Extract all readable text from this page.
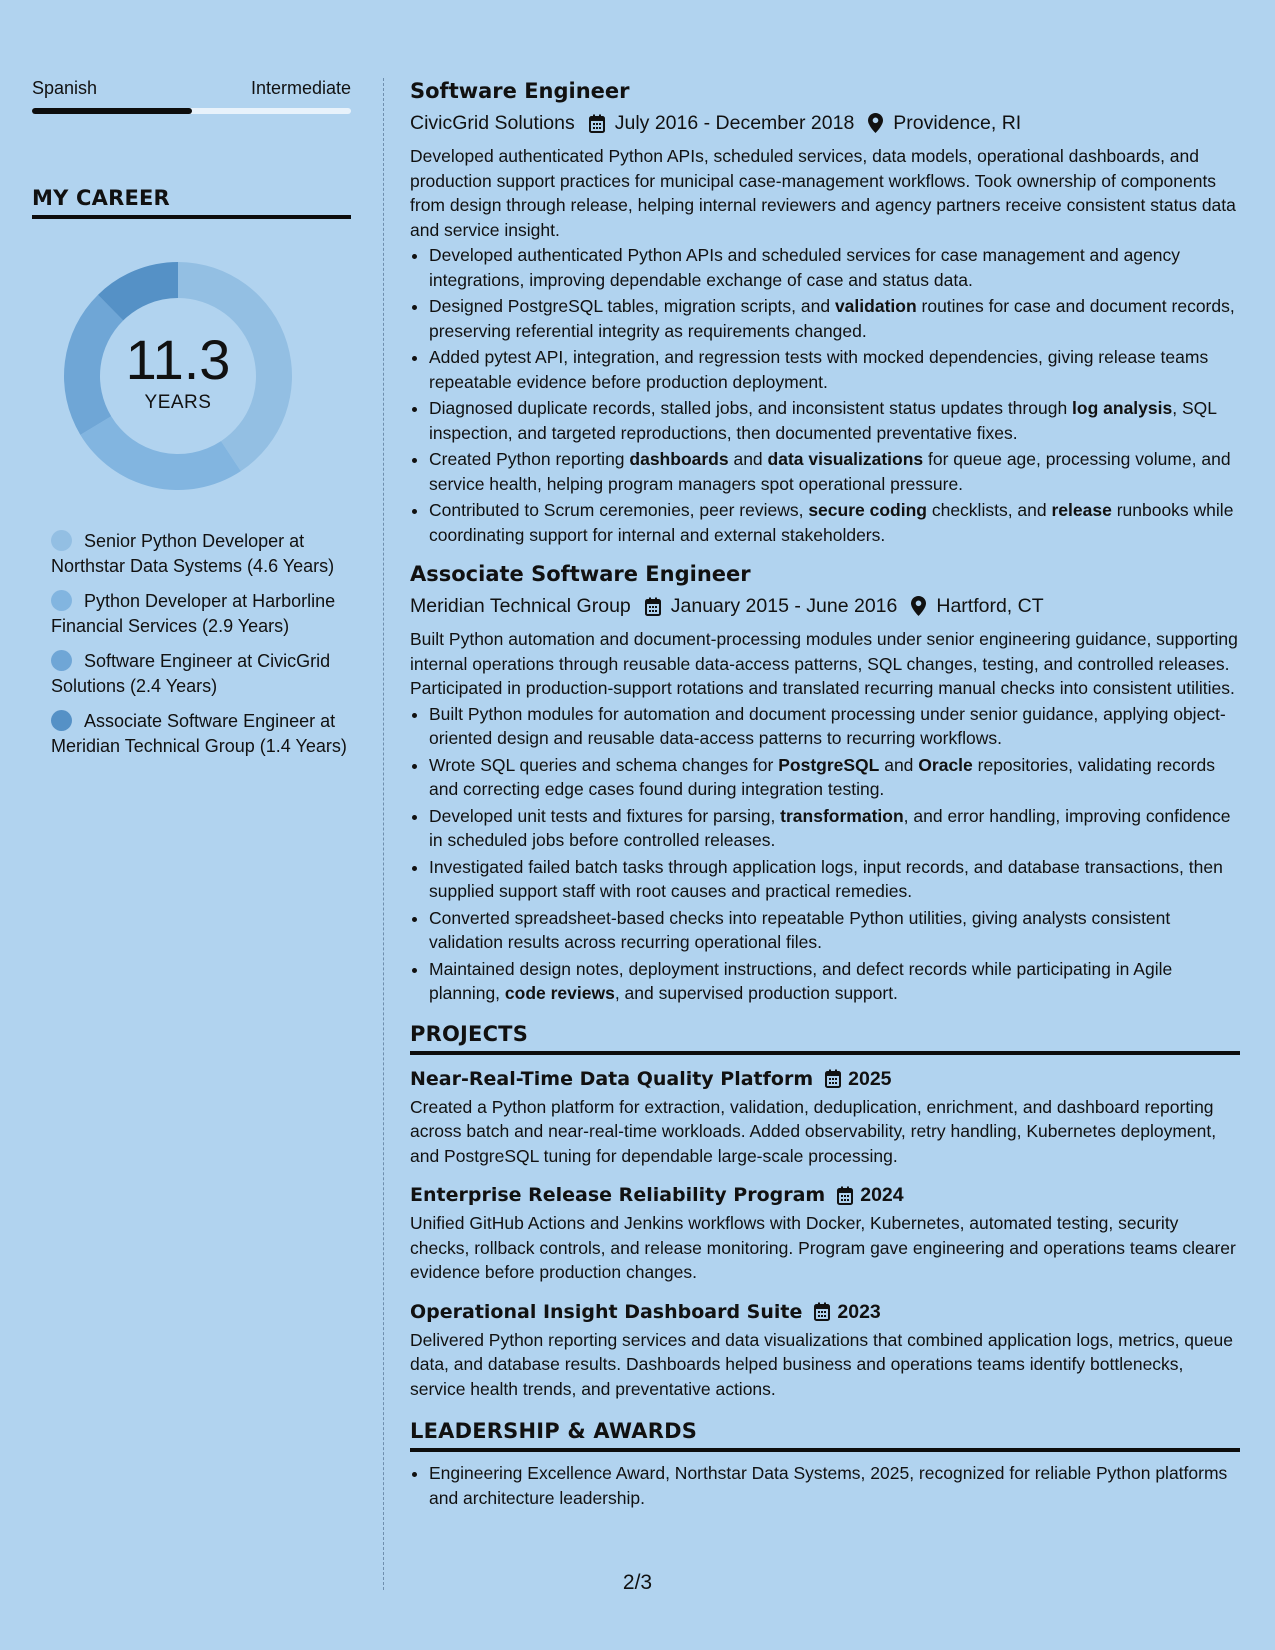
Spanish	Intermediate
MY CAREER
11.3
YEARS
Senior Python Developer at Northstar Data Systems (4.6 Years)
Python Developer at Harborline Financial Services (2.9 Years)
Software Engineer at CivicGrid Solutions (2.4 Years)
Associate Software Engineer at Meridian Technical Group (1.4 Years)
Software Engineer
CivicGrid Solutions July 2016 - December 2018 Providence, RI
Developed authenticated Python APIs, scheduled services, data models, operational dashboards, and production support practices for municipal case-management workflows. Took ownership of components from design through release, helping internal reviewers and agency partners receive consistent status data and service insight.
• Developed authenticated Python APIs and scheduled services for case management and agency integrations, improving dependable exchange of case and status data.
• Designed PostgreSQL tables, migration scripts, and validation routines for case and document records, preserving referential integrity as requirements changed.
• Added pytest API, integration, and regression tests with mocked dependencies, giving release teams repeatable evidence before production deployment.
• Diagnosed duplicate records, stalled jobs, and inconsistent status updates through log analysis, SQL inspection, and targeted reproductions, then documented preventative fixes.
• Created Python reporting dashboards and data visualizations for queue age, processing volume, and service health, helping program managers spot operational pressure.
• Contributed to Scrum ceremonies, peer reviews, secure coding checklists, and release runbooks while coordinating support for internal and external stakeholders.
Associate Software Engineer
Meridian Technical Group January 2015 - June 2016 Hartford, CT
Built Python automation and document-processing modules under senior engineering guidance, supporting internal operations through reusable data-access patterns, SQL changes, testing, and controlled releases. Participated in production-support rotations and translated recurring manual checks into consistent utilities.
• Built Python modules for automation and document processing under senior guidance, applying object-oriented design and reusable data-access patterns to recurring workflows.
• Wrote SQL queries and schema changes for PostgreSQL and Oracle repositories, validating records and correcting edge cases found during integration testing.
• Developed unit tests and fixtures for parsing, transformation, and error handling, improving confidence in scheduled jobs before controlled releases.
• Investigated failed batch tasks through application logs, input records, and database transactions, then supplied support staff with root causes and practical remedies.
• Converted spreadsheet-based checks into repeatable Python utilities, giving analysts consistent validation results across recurring operational files.
• Maintained design notes, deployment instructions, and defect records while participating in Agile planning, code reviews, and supervised production support.
PROJECTS
Near-Real-Time Data Quality Platform 2025
Created a Python platform for extraction, validation, deduplication, enrichment, and dashboard reporting across batch and near-real-time workloads. Added observability, retry handling, Kubernetes deployment, and PostgreSQL tuning for dependable large-scale processing.
Enterprise Release Reliability Program 2024
Unified GitHub Actions and Jenkins workflows with Docker, Kubernetes, automated testing, security checks, rollback controls, and release monitoring. Program gave engineering and operations teams clearer evidence before production changes.
Operational Insight Dashboard Suite 2023
Delivered Python reporting services and data visualizations that combined application logs, metrics, queue data, and database results. Dashboards helped business and operations teams identify bottlenecks, service health trends, and preventative actions.
LEADERSHIP & AWARDS
• Engineering Excellence Award, Northstar Data Systems, 2025, recognized for reliable Python platforms and architecture leadership.
2/3
